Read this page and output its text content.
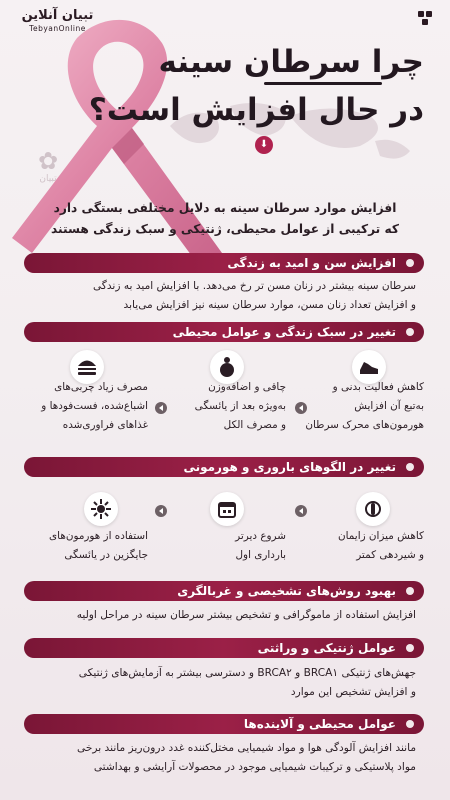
تبیان آنلاین
TebyanOnline
چرا سرطان سینه
در حال افزایش است؟
⬇
✿
تبیان
افزایش موارد سرطان سینه به دلایل مختلفی بستگی دارد
که ترکیبی از عوامل محیطی، ژنتیکی و سبک زندگی هستند
افزایش سن و امید به زندگی
سرطان سینه بیشتر در زنان مسن تر رخ می‌دهد. با افزایش امید به زندگی
و افزایش تعداد زنان مسن، موارد سرطان سینه نیز افزایش می‌یابد
تغییر در سبک زندگی و عوامل محیطی
کاهش فعالیت بدنی و
به‌تبع آن افزایش
هورمون‌های محرک سرطان
چاقی و اضافه‌وزن
به‌ویژه بعد از یائسگی
و مصرف الکل
مصرف زیاد چربی‌های
اشباع‌شده، فست‌فودها و
غذاهای فراوری‌شده
تغییر در الگوهای باروری و هورمونی
کاهش میزان زایمان
و شیردهی کمتر
شروع دیرتر
بارداری اول
استفاده از هورمون‌های
جایگزین در یائسگی
بهبود روش‌های تشخیصی و غربالگری
افزایش استفاده از ماموگرافی و تشخیص بیشتر سرطان سینه در مراحل اولیه
عوامل ژنتیکی و وراثتی
جهش‌های ژنتیکی BRCA۱ و BRCA۲ و دسترسی بیشتر به آزمایش‌های ژنتیکی
و افزایش تشخیص این موارد
عوامل محیطی و آلاینده‌ها
مانند افزایش آلودگی هوا و مواد شیمیایی مختل‌کننده غدد درون‌ریز مانند برخی
مواد پلاستیکی و ترکیبات شیمیایی موجود در محصولات آرایشی و بهداشتی
